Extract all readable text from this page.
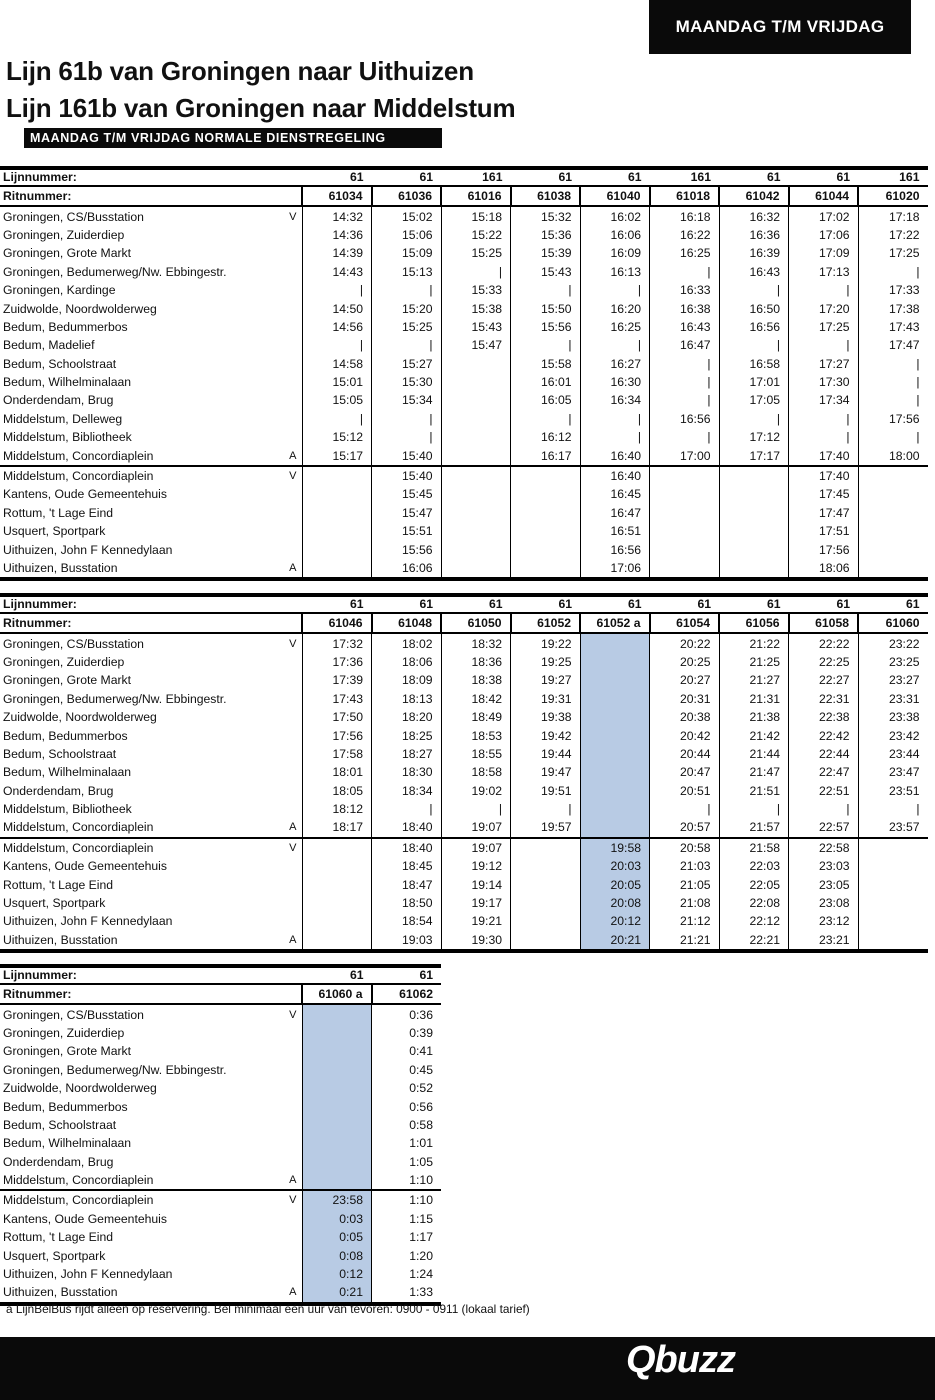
MAANDAG T/M VRIJDAG
Lijn 61b van Groningen naar Uithuizen
Lijn 161b van Groningen naar Middelstum
MAANDAG T/M VRIJDAG NORMALE DIENSTREGELING
Lijnnummer:		61	61	161	61	61	161	61	61	161
Ritnummer:		61034	61036	61016	61038	61040	61018	61042	61044	61020
Groningen, CS/Busstation	V	14:32	15:02	15:18	15:32	16:02	16:18	16:32	17:02	17:18
Groningen, Zuiderdiep		14:36	15:06	15:22	15:36	16:06	16:22	16:36	17:06	17:22
Groningen, Grote Markt		14:39	15:09	15:25	15:39	16:09	16:25	16:39	17:09	17:25
Groningen, Bedumerweg/Nw. Ebbingestr.		14:43	15:13	|	15:43	16:13	|	16:43	17:13	|
Groningen, Kardinge		|	|	15:33	|	|	16:33	|	|	17:33
Zuidwolde, Noordwolderweg		14:50	15:20	15:38	15:50	16:20	16:38	16:50	17:20	17:38
Bedum, Bedummerbos		14:56	15:25	15:43	15:56	16:25	16:43	16:56	17:25	17:43
Bedum, Madelief		|	|	15:47	|	|	16:47	|	|	17:47
Bedum, Schoolstraat		14:58	15:27		15:58	16:27	|	16:58	17:27	|
Bedum, Wilhelminalaan		15:01	15:30		16:01	16:30	|	17:01	17:30	|
Onderdendam, Brug		15:05	15:34		16:05	16:34	|	17:05	17:34	|
Middelstum, Delleweg		|	|		|	|	16:56	|	|	17:56
Middelstum, Bibliotheek		15:12	|		16:12	|	|	17:12	|	|
Middelstum, Concordiaplein	A	15:17	15:40		16:17	16:40	17:00	17:17	17:40	18:00
Middelstum, Concordiaplein	V		15:40			16:40			17:40	
Kantens, Oude Gemeentehuis			15:45			16:45			17:45	
Rottum, 't Lage Eind			15:47			16:47			17:47	
Usquert, Sportpark			15:51			16:51			17:51	
Uithuizen, John F Kennedylaan			15:56			16:56			17:56	
Uithuizen, Busstation	A		16:06			17:06			18:06	
Lijnnummer:		61	61	61	61	61	61	61	61	61
Ritnummer:		61046	61048	61050	61052	61052 a	61054	61056	61058	61060
Groningen, CS/Busstation	V	17:32	18:02	18:32	19:22		20:22	21:22	22:22	23:22
Groningen, Zuiderdiep		17:36	18:06	18:36	19:25		20:25	21:25	22:25	23:25
Groningen, Grote Markt		17:39	18:09	18:38	19:27		20:27	21:27	22:27	23:27
Groningen, Bedumerweg/Nw. Ebbingestr.		17:43	18:13	18:42	19:31		20:31	21:31	22:31	23:31
Zuidwolde, Noordwolderweg		17:50	18:20	18:49	19:38		20:38	21:38	22:38	23:38
Bedum, Bedummerbos		17:56	18:25	18:53	19:42		20:42	21:42	22:42	23:42
Bedum, Schoolstraat		17:58	18:27	18:55	19:44		20:44	21:44	22:44	23:44
Bedum, Wilhelminalaan		18:01	18:30	18:58	19:47		20:47	21:47	22:47	23:47
Onderdendam, Brug		18:05	18:34	19:02	19:51		20:51	21:51	22:51	23:51
Middelstum, Bibliotheek		18:12	|	|	|		|	|	|	|
Middelstum, Concordiaplein	A	18:17	18:40	19:07	19:57		20:57	21:57	22:57	23:57
Middelstum, Concordiaplein	V		18:40	19:07		19:58	20:58	21:58	22:58	
Kantens, Oude Gemeentehuis			18:45	19:12		20:03	21:03	22:03	23:03	
Rottum, 't Lage Eind			18:47	19:14		20:05	21:05	22:05	23:05	
Usquert, Sportpark			18:50	19:17		20:08	21:08	22:08	23:08	
Uithuizen, John F Kennedylaan			18:54	19:21		20:12	21:12	22:12	23:12	
Uithuizen, Busstation	A		19:03	19:30		20:21	21:21	22:21	23:21	
Lijnnummer:		61	61
Ritnummer:		61060 a	61062
Groningen, CS/Busstation	V		0:36
Groningen, Zuiderdiep			0:39
Groningen, Grote Markt			0:41
Groningen, Bedumerweg/Nw. Ebbingestr.			0:45
Zuidwolde, Noordwolderweg			0:52
Bedum, Bedummerbos			0:56
Bedum, Schoolstraat			0:58
Bedum, Wilhelminalaan			1:01
Onderdendam, Brug			1:05
Middelstum, Concordiaplein	A		1:10
Middelstum, Concordiaplein	V	23:58	1:10
Kantens, Oude Gemeentehuis		0:03	1:15
Rottum, 't Lage Eind		0:05	1:17
Usquert, Sportpark		0:08	1:20
Uithuizen, John F Kennedylaan		0:12	1:24
Uithuizen, Busstation	A	0:21	1:33
a LijnBelBus rijdt alleen op reservering. Bel minimaal één uur van tevoren: 0900 - 0911 (lokaal tarief)
Qbuzz
